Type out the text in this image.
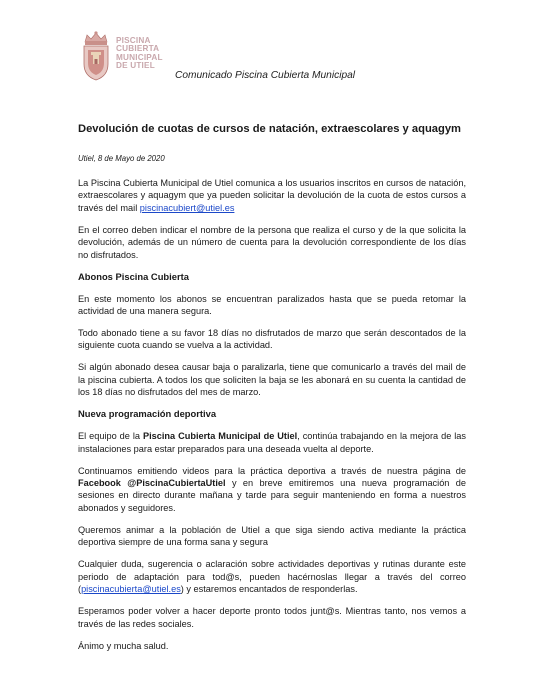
PISCINA
CUBIERTA
MUNICIPAL
DE UTIEL
Comunicado Piscina Cubierta Municipal
Devolución de cuotas de cursos de natación, extraescolares y aquagym
Utiel, 8 de Mayo de 2020

La Piscina Cubierta Municipal de Utiel comunica a los usuarios inscritos en cursos de natación, extraescolares y aquagym que ya pueden solicitar la devolución de la cuota de estos cursos a través del mail piscinacubiert@utiel.es

En el correo deben indicar el nombre de la persona que realiza el curso y de la que solicita la devolución, además de un número de cuenta para la devolución correspondiente de los días no disfrutados.

Abonos Piscina Cubierta

En este momento los abonos se encuentran paralizados hasta que se pueda retomar la actividad de una manera segura.

Todo abonado tiene a su favor 18 días no disfrutados de marzo que serán descontados de la siguiente cuota cuando se vuelva a la actividad.

Si algún abonado desea causar baja o paralizarla, tiene que comunicarlo a través del mail de la piscina cubierta. A todos los que soliciten la baja se les abonará en su cuenta la cantidad de los 18 días no disfrutados del mes de marzo.

Nueva programación deportiva

El equipo de la Piscina Cubierta Municipal de Utiel, continúa trabajando en la mejora de las instalaciones para estar preparados para una deseada vuelta al deporte.

Continuamos emitiendo videos para la práctica deportiva a través de nuestra página de Facebook @PiscinaCubiertaUtiel y en breve emitiremos una nueva programación de sesiones en directo durante mañana y tarde para seguir manteniendo en forma a nuestros abonados y seguidores.

Queremos animar a la población de Utiel a que siga siendo activa mediante la práctica deportiva siempre de una forma sana y segura

Cualquier duda, sugerencia o aclaración sobre actividades deportivas y rutinas durante este periodo de adaptación para tod@s, pueden hacérnoslas llegar a través del correo (piscinacubierta@utiel.es) y estaremos encantados de responderlas.

Esperamos poder volver a hacer deporte pronto todos junt@s. Mientras tanto, nos vemos a través de las redes sociales.

Ánimo y mucha salud.
